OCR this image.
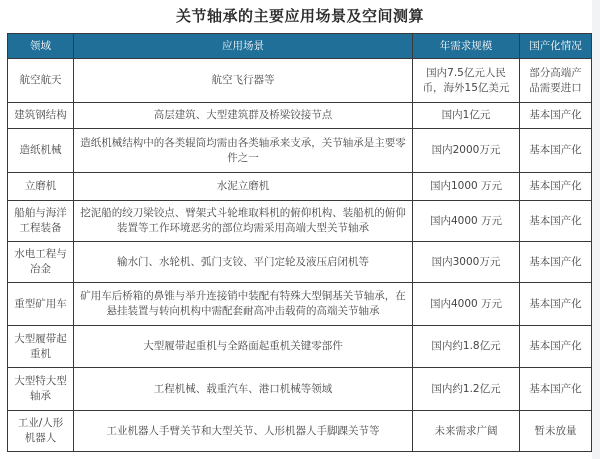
关节轴承的主要应用场景及空间测算
领域	应用场景	年需求规模	国产化情况
航空航天	航空飞行器等	国内7.5亿元人民币，海外15亿美元	部分高端产品需要进口
建筑钢结构	高层建筑、大型建筑群及桥梁铰接节点	国内1亿元	基本国产化
造纸机械	造纸机械结构中的各类辊筒均需由各类轴承来支承，关节轴承是主要零件之一	国内2000万元	基本国产化
立磨机	水泥立磨机	国内1000 万元	基本国产化
船舶与海洋工程装备	挖泥船的绞刀梁铰点、臂架式斗轮堆取料机的俯仰机构、装船机的俯仰装置等工作环境恶劣的部位均需采用高端大型关节轴承	国内4000 万元	基本国产化
水电工程与冶金	输水门、水轮机、弧门支铰、平门定轮及液压启闭机等	国内3000万元	基本国产化
重型矿用车	矿用车后桥箱的鼻锥与举升连接销中装配有特殊大型铜基关节轴承，在悬挂装置与转向机构中需配套耐高冲击载荷的高端关节轴承	国内4000 万元	基本国产化
大型履带起重机	大型履带起重机与全路面起重机关键零部件	国内约1.8亿元	基本国产化
大型特大型轴承	工程机械、载重汽车、港口机械等领域	国内约1.2亿元	基本国产化
工业/人形机器人	工业机器人手臂关节和大型关节、人形机器人手脚踝关节等	未来需求广阔	暂未放量
